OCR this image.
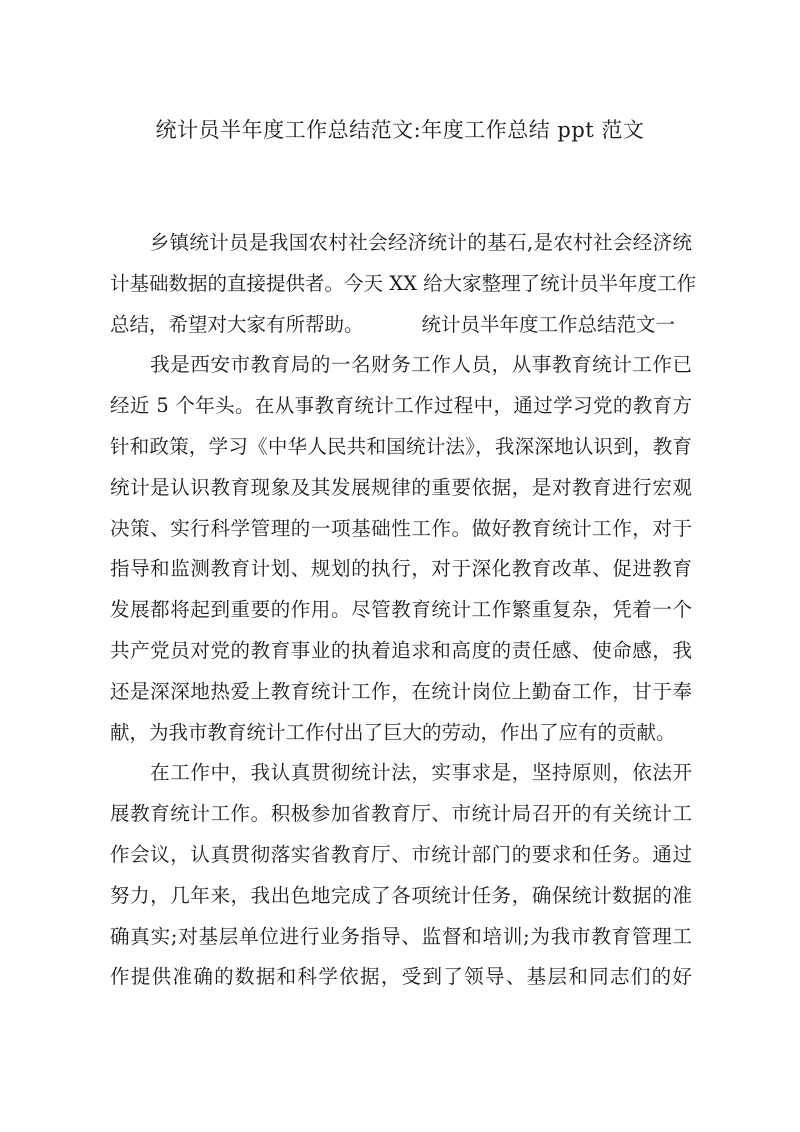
统计员半年度工作总结范文:年度工作总结 ppt 范文
　　乡镇统计员是我国农村社会经济统计的基石,是农村社会经济统
计基础数据的直接提供者。今天 XX 给大家整理了统计员半年度工作
总结，希望对大家有所帮助。	统计员半年度工作总结范文一
　　我是西安市教育局的一名财务工作人员，从事教育统计工作已
经近 5 个年头。在从事教育统计工作过程中，通过学习党的教育方
针和政策，学习《中华人民共和国统计法》，我深深地认识到，教育
统计是认识教育现象及其发展规律的重要依据，是对教育进行宏观
决策、实行科学管理的一项基础性工作。做好教育统计工作，对于
指导和监测教育计划、规划的执行，对于深化教育改革、促进教育
发展都将起到重要的作用。尽管教育统计工作繁重复杂，凭着一个
共产党员对党的教育事业的执着追求和高度的责任感、使命感，我
还是深深地热爱上教育统计工作，在统计岗位上勤奋工作，甘于奉
献，为我市教育统计工作付出了巨大的劳动，作出了应有的贡献。
　　在工作中，我认真贯彻统计法，实事求是，坚持原则，依法开
展教育统计工作。积极参加省教育厅、市统计局召开的有关统计工
作会议，认真贯彻落实省教育厅、市统计部门的要求和任务。通过
努力，几年来，我出色地完成了各项统计任务，确保统计数据的准
确真实;对基层单位进行业务指导、监督和培训;为我市教育管理工
作提供准确的数据和科学依据，受到了领导、基层和同志们的好
